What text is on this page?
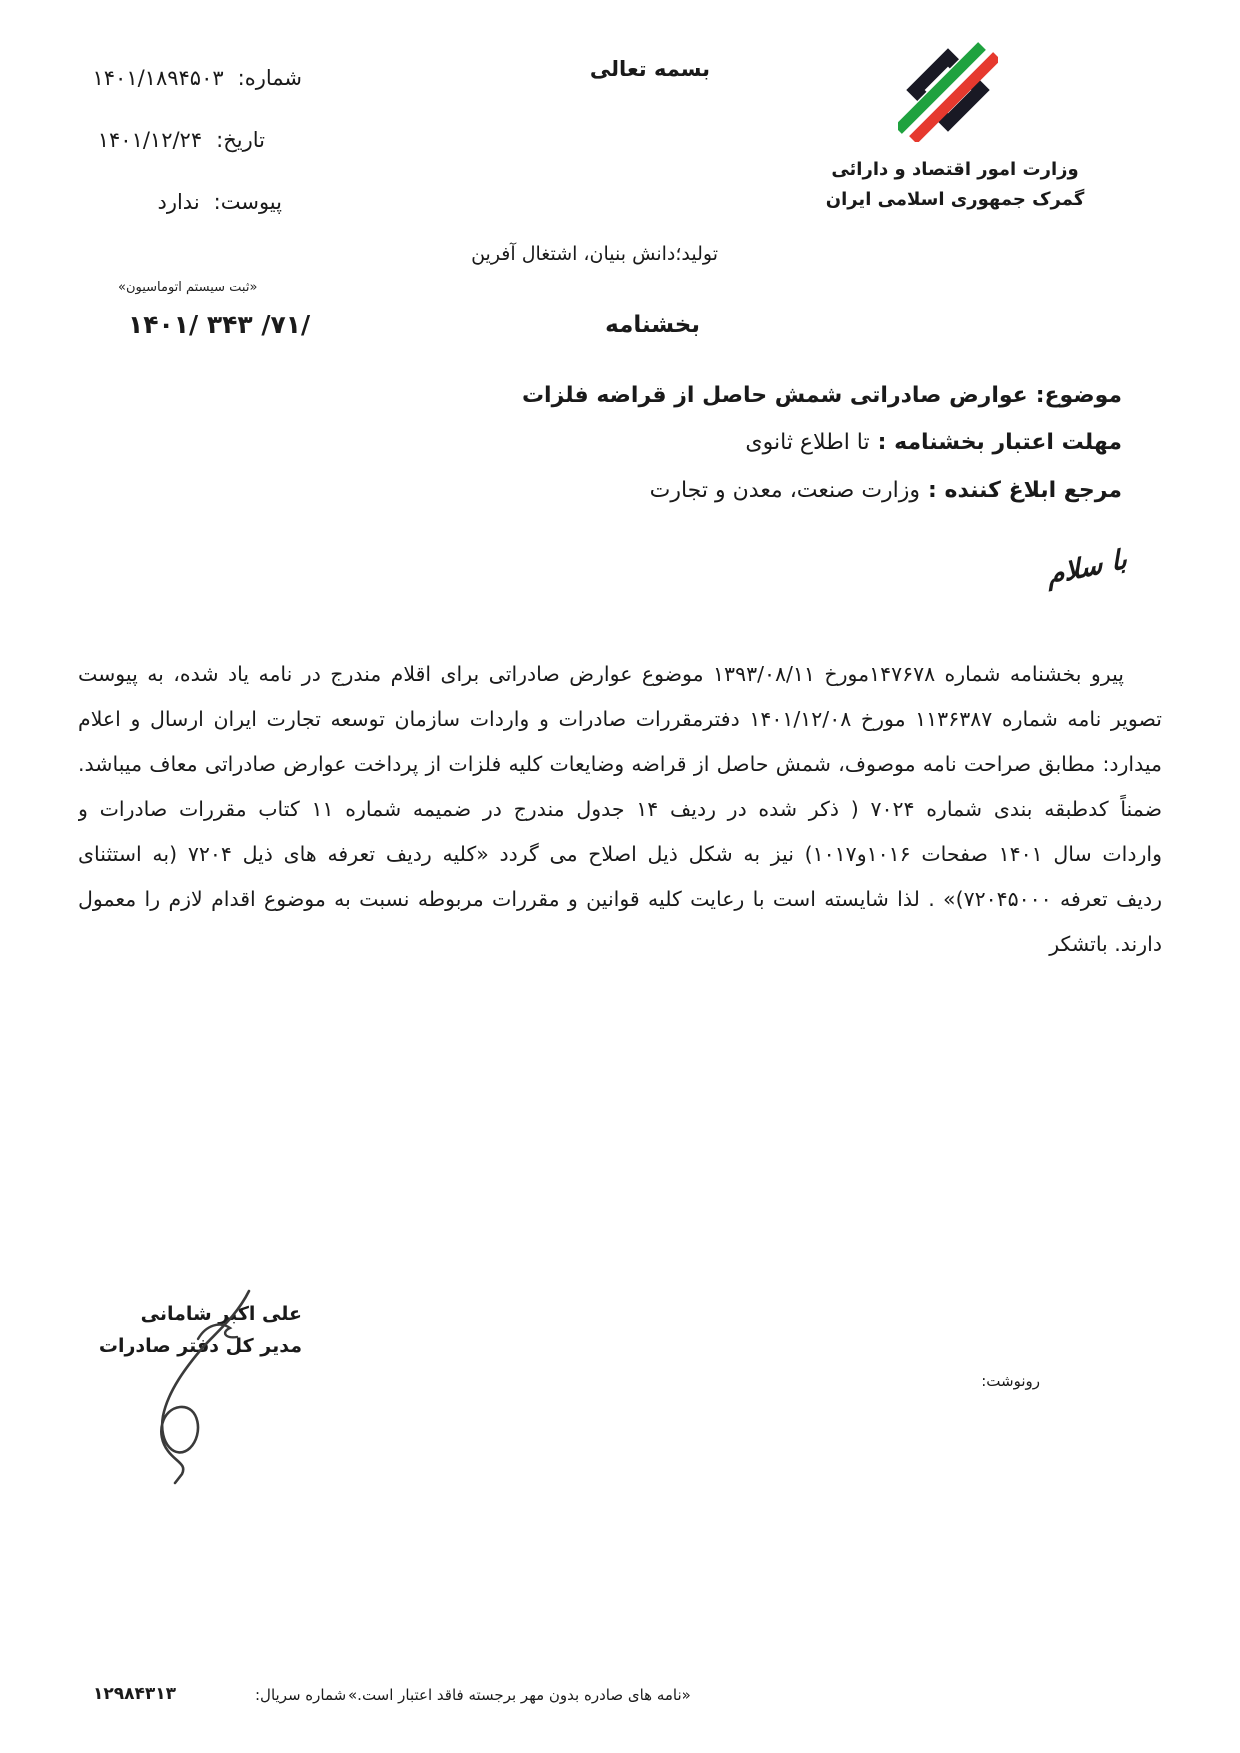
بسمه تعالی
وزارت امور اقتصاد و دارائی
گمرک جمهوری اسلامی ایران
شماره:۱۴۰۱/۱۸۹۴۵۰۳
تاریخ:۱۴۰۱/۱۲/۲۴
پیوست:ندارد
تولید؛دانش بنیان، اشتغال آفرین
«ثبت سیستم اتوماسیون»
بخشنامه
۱۴۰۱/ ۳۴۳ /۷۱/
موضوع:عوارض صادراتی شمش حاصل از قراضه فلزات
مهلت اعتبار بخشنامه :تا اطلاع ثانوی
مرجع ابلاغ کننده :وزارت صنعت، معدن و تجارت
با سلام
پیرو بخشنامه شماره ۱۴۷۶۷۸مورخ ۱۳۹۳/۰۸/۱۱ موضوع عوارض صادراتی برای اقلام مندرج در نامه یاد شده، به پیوست
تصویر نامه شماره ۱۱۳۶۳۸۷ مورخ ۱۴۰۱/۱۲/۰۸ دفترمقررات صادرات و واردات سازمان توسعه تجارت ایران ارسال و اعلام
میدارد: مطابق صراحت نامه موصوف، شمش حاصل از قراضه وضایعات کلیه فلزات از پرداخت عوارض صادراتی معاف میباشد.
ضمناً کدطبقه بندی شماره ۷۰۲۴ ( ذکر شده در ردیف ۱۴ جدول مندرج در ضمیمه شماره ۱۱ کتاب مقررات صادرات و
واردات سال ۱۴۰۱ صفحات ۱۰۱۶و۱۰۱۷) نیز به شکل ذیل اصلاح می گردد «کلیه ردیف تعرفه های ذیل ۷۲۰۴ (به استثنای
ردیف تعرفه ۷۲۰۴۵۰۰۰)» . لذا شایسته است با رعایت کلیه قوانین و مقررات مربوطه نسبت به موضوع اقدام لازم را معمول
دارند. باتشکر
علی اکبر شامانی
مدیر کل دفتر صادرات
رونوشت:
۱۲۹۸۴۳۱۳	شماره سریال: «نامه های صادره بدون مهر برجسته فاقد اعتبار است.»
